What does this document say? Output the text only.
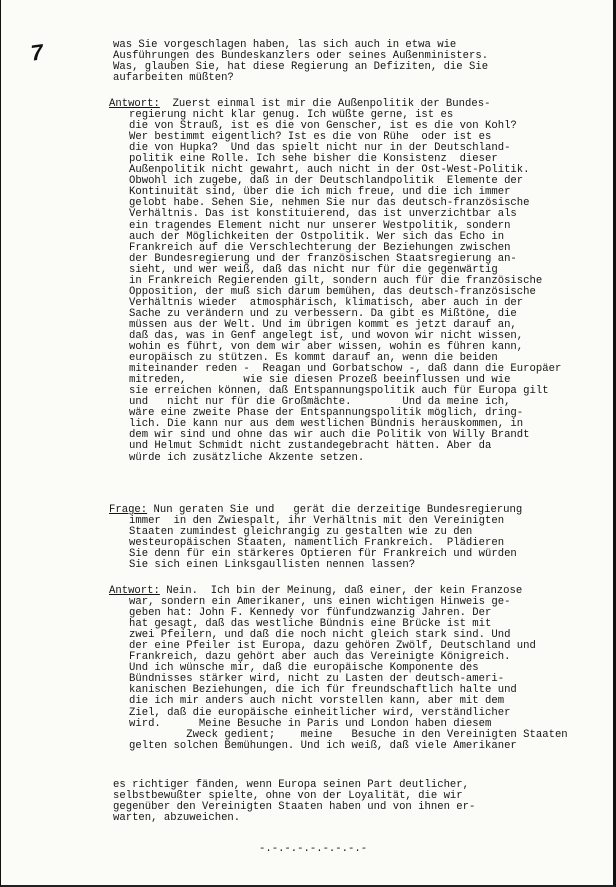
7	was Sie vorgeschlagen haben, las sich auch in etwa wie
Ausführungen des Bundeskanzlers oder seines Außenministers.
Was, glauben Sie, hat diese Regierung an Defiziten, die Sie
aufarbeiten müßten?
Antwort:  Zuerst einmal ist mir die Außenpolitik der Bundes-
regierung nicht klar genug. Ich wüßte gerne, ist es
die von Strauß, ist es die von Genscher, ist es die von Kohl?
Wer bestimmt eigentlich? Ist es die von Rühe  oder ist es
die von Hupka?  Und das spielt nicht nur in der Deutschland-
politik eine Rolle. Ich sehe bisher die Konsistenz  dieser
Außenpolitik nicht gewahrt, auch nicht in der Ost-West-Politik.
Obwohl ich zugebe, daß in der Deutschlandpolitik  Elemente der
Kontinuität sind, über die ich mich freue, und die ich immer
gelobt habe. Sehen Sie, nehmen Sie nur das deutsch-französische
Verhältnis. Das ist konstituierend, das ist unverzichtbar als
ein tragendes Element nicht nur unserer Westpolitik, sondern
auch der Möglichkeiten der Ostpolitik. Wer sich das Echo in
Frankreich auf die Verschlechterung der Beziehungen zwischen
der Bundesregierung und der französischen Staatsregierung an-
sieht, und wer weiß, daß das nicht nur für die gegenwärtig
in Frankreich Regierenden gilt, sondern auch für die französische
Opposition, der muß sich darum bemühen, das deutsch-französische
Verhältnis wieder  atmosphärisch, klimatisch, aber auch in der
Sache zu verändern und zu verbessern. Da gibt es Mißtöne, die
müssen aus der Welt. Und im übrigen kommt es jetzt darauf an,
daß das, was in Genf angelegt ist, und wovon wir nicht wissen,
wohin es führt, von dem wir aber wissen, wohin es führen kann,
europäisch zu stützen. Es kommt darauf an, wenn die beiden
miteinander reden -  Reagan und Gorbatschow -, daß dann die Europäer
mitreden,         wie sie diesen Prozeß beeinflussen und wie
sie erreichen können, daß Entspannungspolitik auch für Europa gilt
und   nicht nur für die Großmächte.        Und da meine ich,
wäre eine zweite Phase der Entspannungspolitik möglich, dring-
lich. Die kann nur aus dem westlichen Bündnis herauskommen, in
dem wir sind und ohne das wir auch die Politik von Willy Brandt
und Helmut Schmidt nicht zustandegebracht hätten. Aber da
würde ich zusätzliche Akzente setzen.
Frage: Nun geraten Sie und   gerät die derzeitige Bundesregierung
immer  in den Zwiespalt, ihr Verhältnis mit den Vereinigten
Staaten zumindest gleichrangig zu gestalten wie zu den
westeuropäischen Staaten, namentlich Frankreich.  Plädieren
Sie denn für ein stärkeres Optieren für Frankreich und würden
Sie sich einen Linksgaullisten nennen lassen?
Antwort: Nein.  Ich bin der Meinung, daß einer, der kein Franzose
war, sondern ein Amerikaner, uns einen wichtigen Hinweis ge-
geben hat: John F. Kennedy vor fünfundzwanzig Jahren. Der
hat gesagt, daß das westliche Bündnis eine Brücke ist mit
zwei Pfeilern, und daß die noch nicht gleich stark sind. Und
der eine Pfeiler ist Europa, dazu gehören Zwölf, Deutschland und
Frankreich, dazu gehört aber auch das Vereinigte Königreich.
Und ich wünsche mir, daß die europäische Komponente des
Bündnisses stärker wird, nicht zu Lasten der deutsch-ameri-
kanischen Beziehungen, die ich für freundschaftlich halte und
die ich mir anders auch nicht vorstellen kann, aber mit dem
Ziel, daß die europäische einheitlicher wird, verständlicher
wird.      Meine Besuche in Paris und London haben diesem
Zweck gedient;    meine   Besuche in den Vereinigten Staaten
gelten solchen Bemühungen. Und ich weiß, daß viele Amerikaner
es richtiger fänden, wenn Europa seinen Part deutlicher,
selbstbewußter spielte, ohne von der Loyalität, die wir
gegenüber den Vereinigten Staaten haben und von ihnen er-
warten, abzuweichen.
-.-.-.-.-.-.-.-.-
